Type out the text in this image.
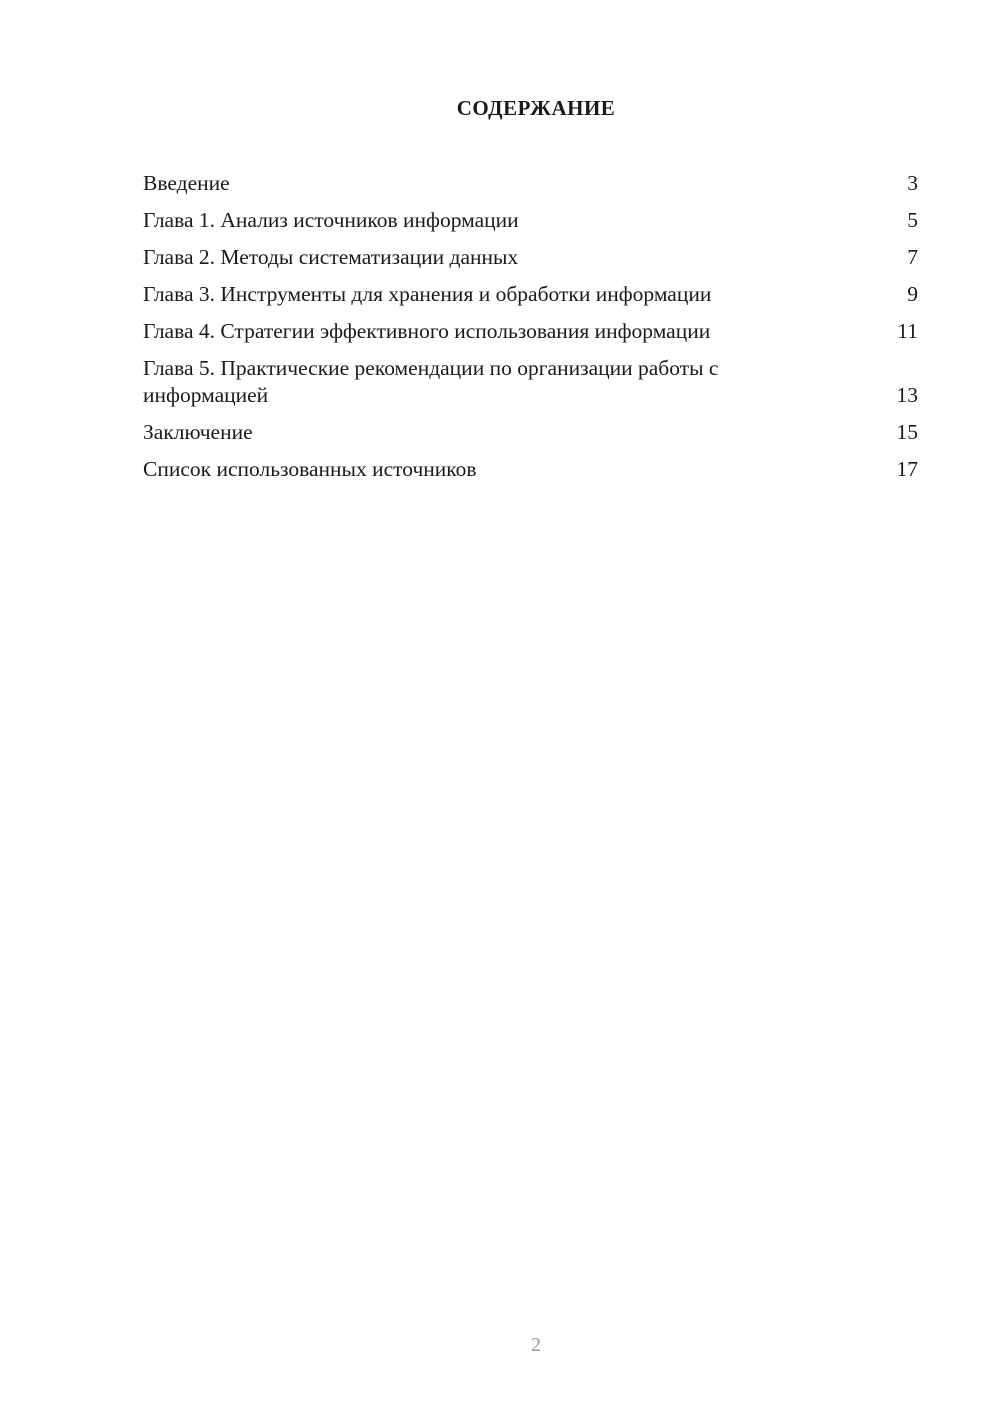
СОДЕРЖАНИЕ
Введение	3
Глава 1. Анализ источников информации	5
Глава 2. Методы систематизации данных	7
Глава 3. Инструменты для хранения и обработки информации	9
Глава 4. Стратегии эффективного использования информации	11
Глава 5. Практические рекомендации по организации работы с информацией	13
Заключение	15
Список использованных источников	17
2
